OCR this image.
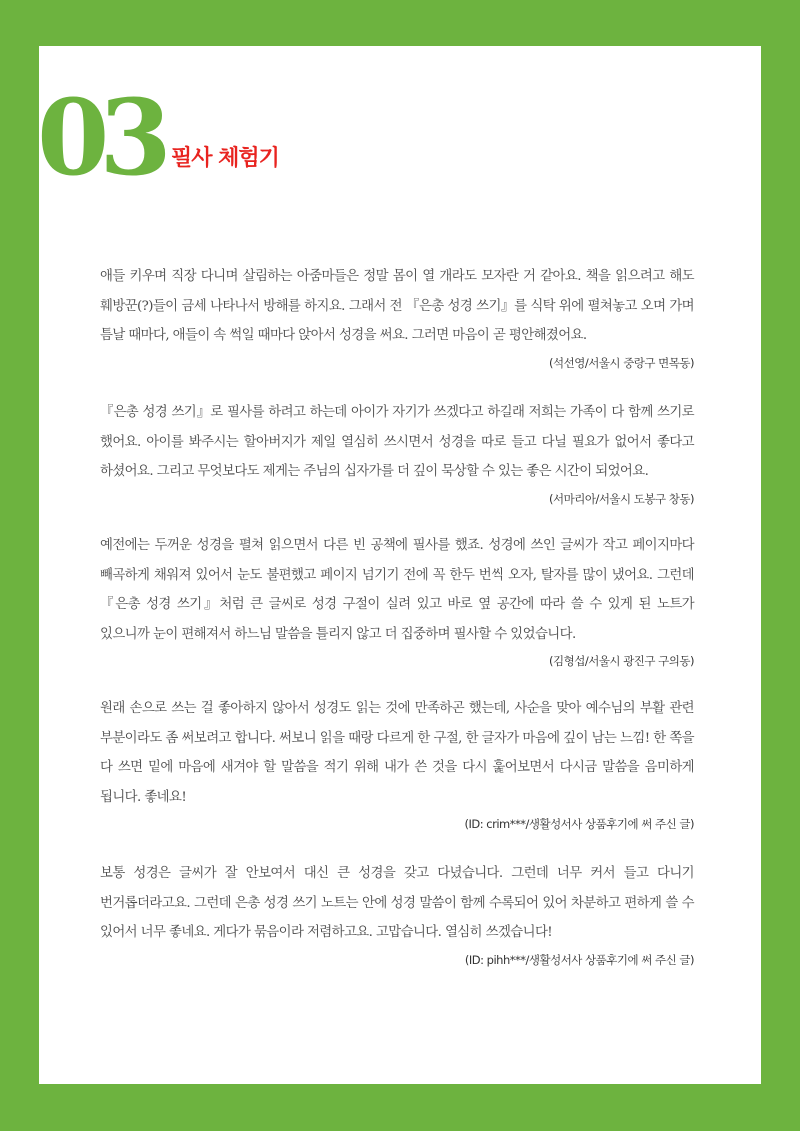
03 필사 체험기

애들 키우며 직장 다니며 살림하는 아줌마들은 정말 몸이 열 개라도 모자란 거 같아요. 책을 읽으려고 해도 훼방꾼(?)들이 금세 나타나서 방해를 하지요. 그래서 전 『은총 성경 쓰기』를 식탁 위에 펼쳐놓고 오며 가며 틈날 때마다, 애들이 속 썩일 때마다 앉아서 성경을 써요. 그러면 마음이 곧 평안해졌어요.

(석선영/서울시 중랑구 면목동)

『은총 성경 쓰기』로 필사를 하려고 하는데 아이가 자기가 쓰겠다고 하길래 저희는 가족이 다 함께 쓰기로 했어요. 아이를 봐주시는 할아버지가 제일 열심히 쓰시면서 성경을 따로 들고 다닐 필요가 없어서 좋다고 하셨어요. 그리고 무엇보다도 제게는 주님의 십자가를 더 깊이 묵상할 수 있는 좋은 시간이 되었어요.

(서마리아/서울시 도봉구 창동)

예전에는 두꺼운 성경을 펼쳐 읽으면서 다른 빈 공책에 필사를 했죠. 성경에 쓰인 글씨가 작고 페이지마다 빼곡하게 채워져 있어서 눈도 불편했고 페이지 넘기기 전에 꼭 한두 번씩 오자, 탈자를 많이 냈어요. 그런데 『은총 성경 쓰기』처럼 큰 글씨로 성경 구절이 실려 있고 바로 옆 공간에 따라 쓸 수 있게 된 노트가 있으니까 눈이 편해져서 하느님 말씀을 틀리지 않고 더 집중하며 필사할 수 있었습니다.

(김형섭/서울시 광진구 구의동)

원래 손으로 쓰는 걸 좋아하지 않아서 성경도 읽는 것에 만족하곤 했는데, 사순을 맞아 예수님의 부활 관련 부분이라도 좀 써보려고 합니다. 써보니 읽을 때랑 다르게 한 구절, 한 글자가 마음에 깊이 남는 느낌! 한 쪽을 다 쓰면 밑에 마음에 새겨야 할 말씀을 적기 위해 내가 쓴 것을 다시 훑어보면서 다시금 말씀을 음미하게 됩니다. 좋네요!

(ID: crim***/생활성서사 상품후기에 써 주신 글)

보통 성경은 글씨가 잘 안보여서 대신 큰 성경을 갖고 다녔습니다. 그런데 너무 커서 들고 다니기 번거롭더라고요. 그런데 은총 성경 쓰기 노트는 안에 성경 말씀이 함께 수록되어 있어 차분하고 편하게 쓸 수 있어서 너무 좋네요. 게다가 묶음이라 저렴하고요. 고맙습니다. 열심히 쓰겠습니다!

(ID: pihh***/생활성서사 상품후기에 써 주신 글)
